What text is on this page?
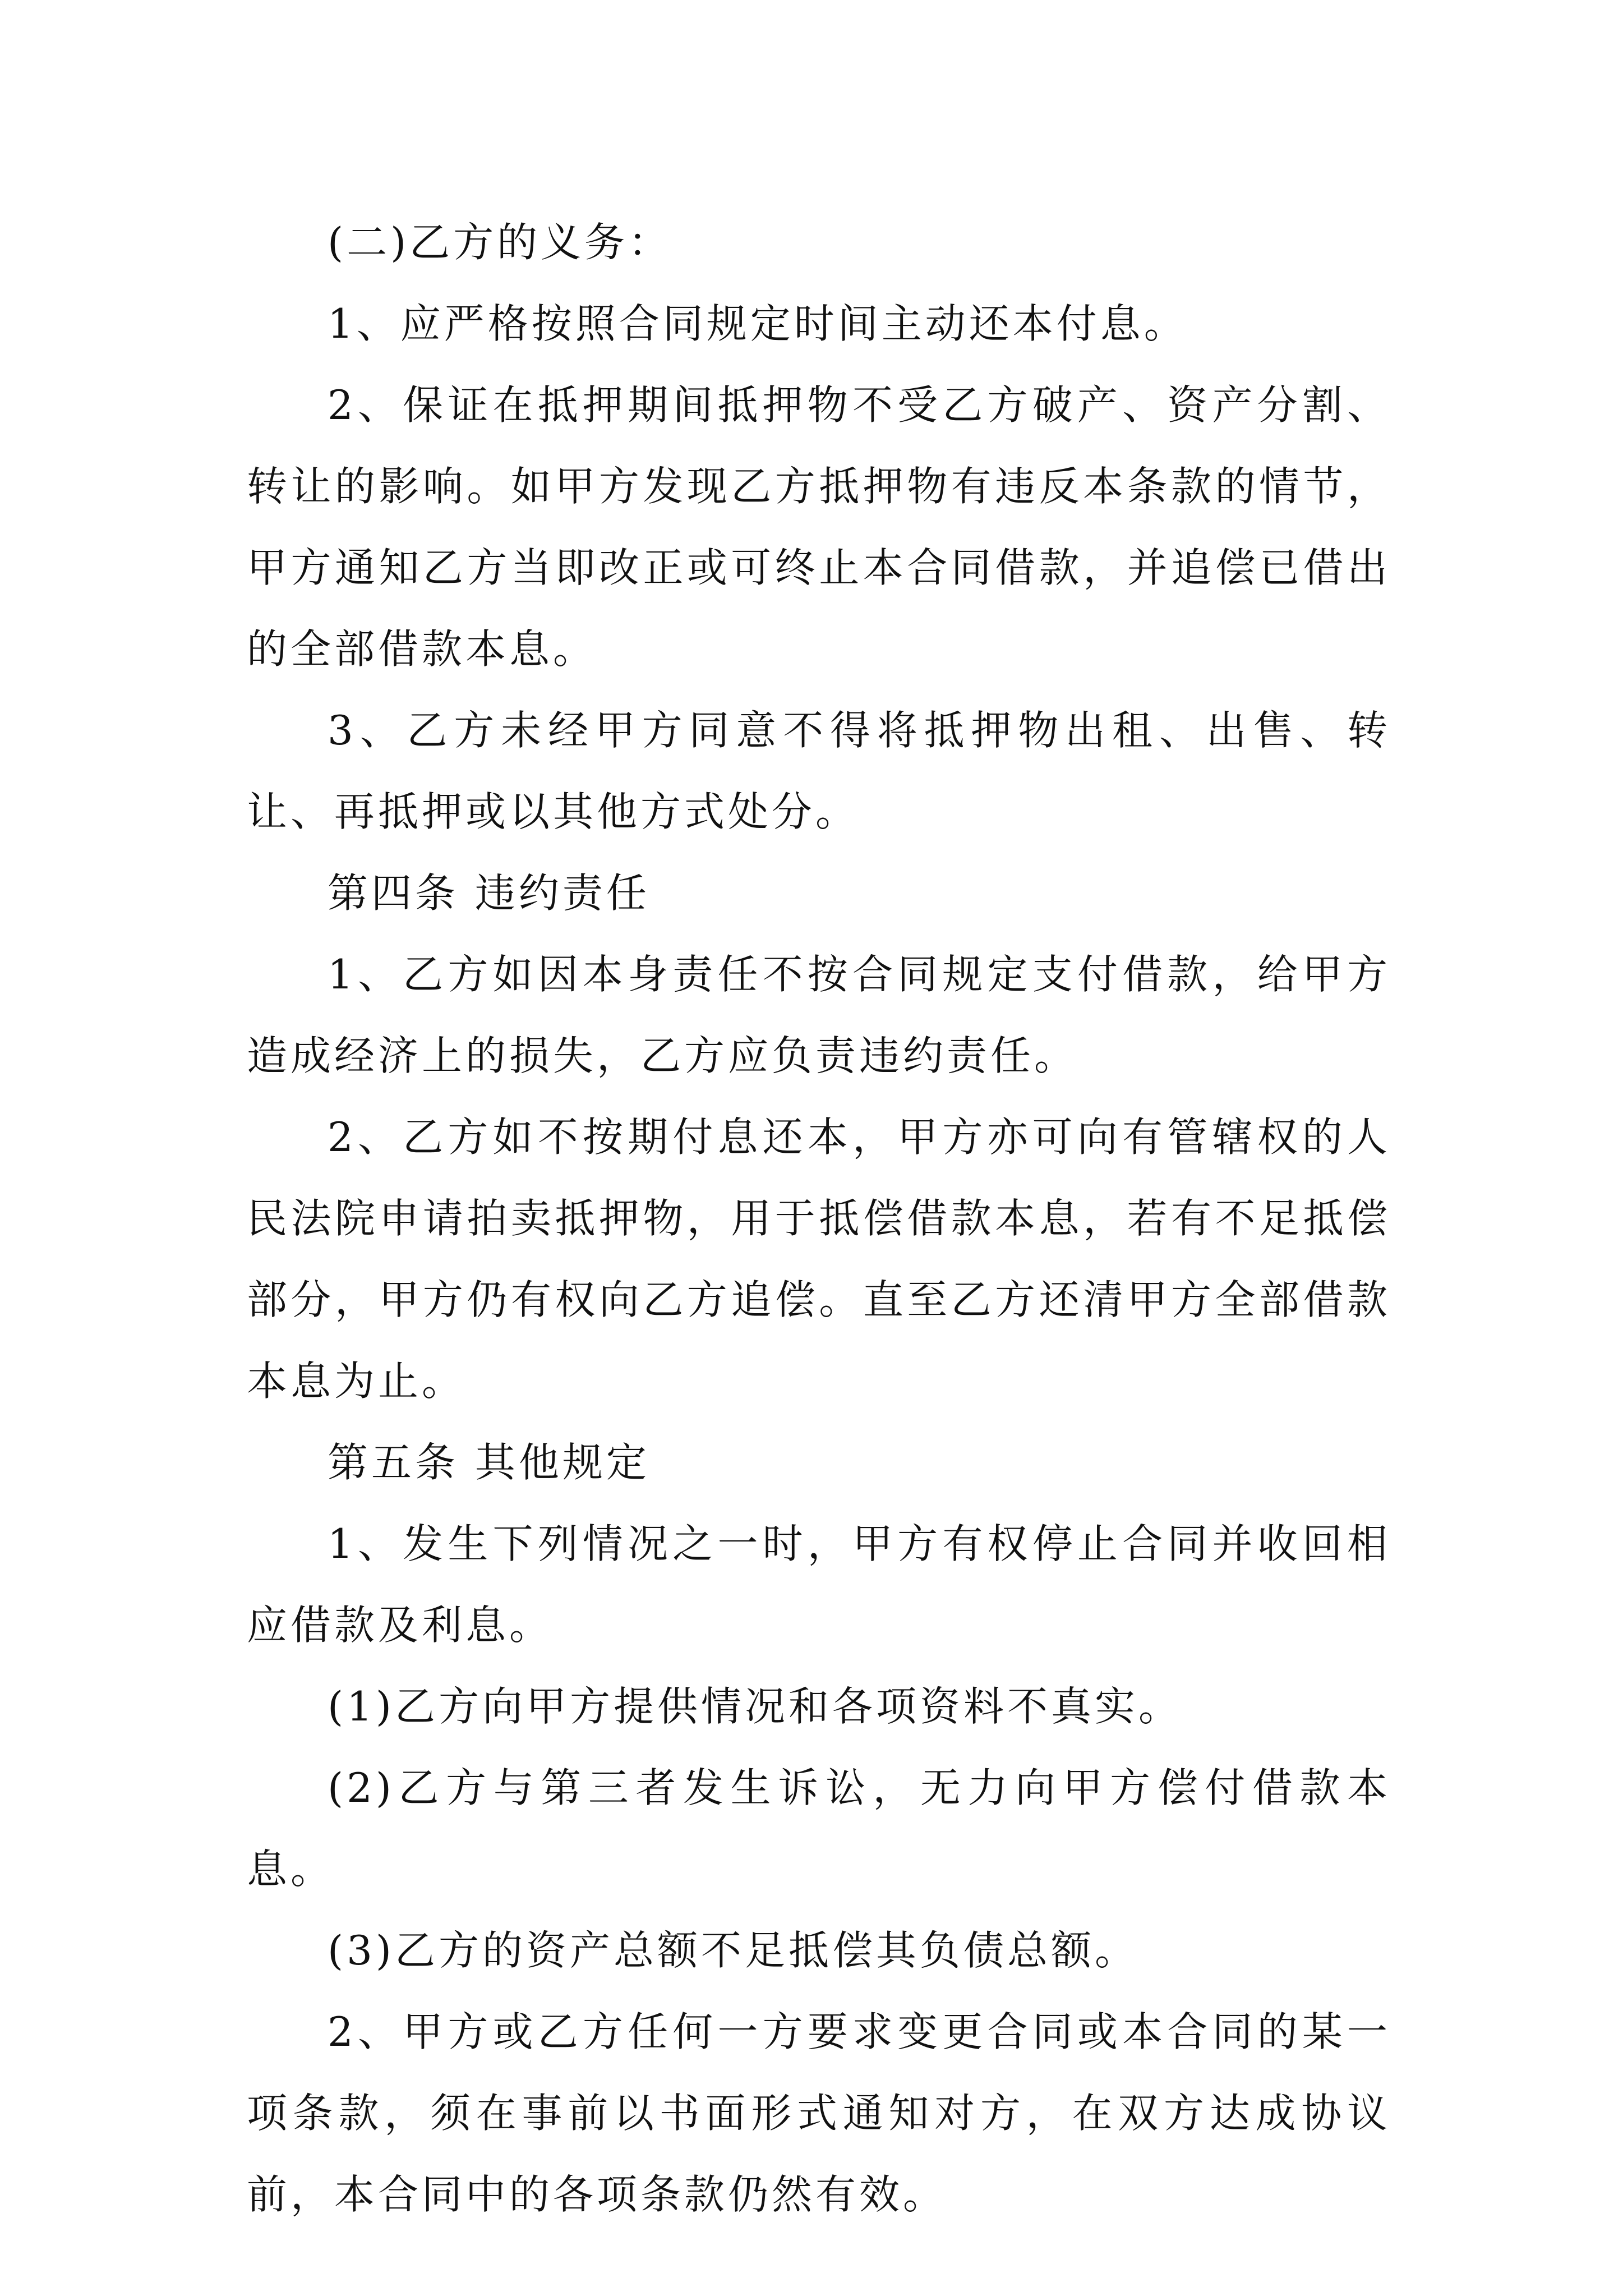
(二)乙方的义务：

1、应严格按照合同规定时间主动还本付息。

2、保证在抵押期间抵押物不受乙方破产、资产分割、转让的影响。如甲方发现乙方抵押物有违反本条款的情节，甲方通知乙方当即改正或可终止本合同借款，并追偿已借出的全部借款本息。

3、乙方未经甲方同意不得将抵押物出租、出售、转让、再抵押或以其他方式处分。

第四条 违约责任

1、乙方如因本身责任不按合同规定支付借款，给甲方造成经济上的损失，乙方应负责违约责任。

2、乙方如不按期付息还本，甲方亦可向有管辖权的人民法院申请拍卖抵押物，用于抵偿借款本息，若有不足抵偿部分，甲方仍有权向乙方追偿。直至乙方还清甲方全部借款本息为止。

第五条 其他规定

1、发生下列情况之一时，甲方有权停止合同并收回相应借款及利息。

(1)乙方向甲方提供情况和各项资料不真实。

(2)乙方与第三者发生诉讼，无力向甲方偿付借款本息。

(3)乙方的资产总额不足抵偿其负债总额。

2、甲方或乙方任何一方要求变更合同或本合同的某一项条款，须在事前以书面形式通知对方，在双方达成协议前，本合同中的各项条款仍然有效。
